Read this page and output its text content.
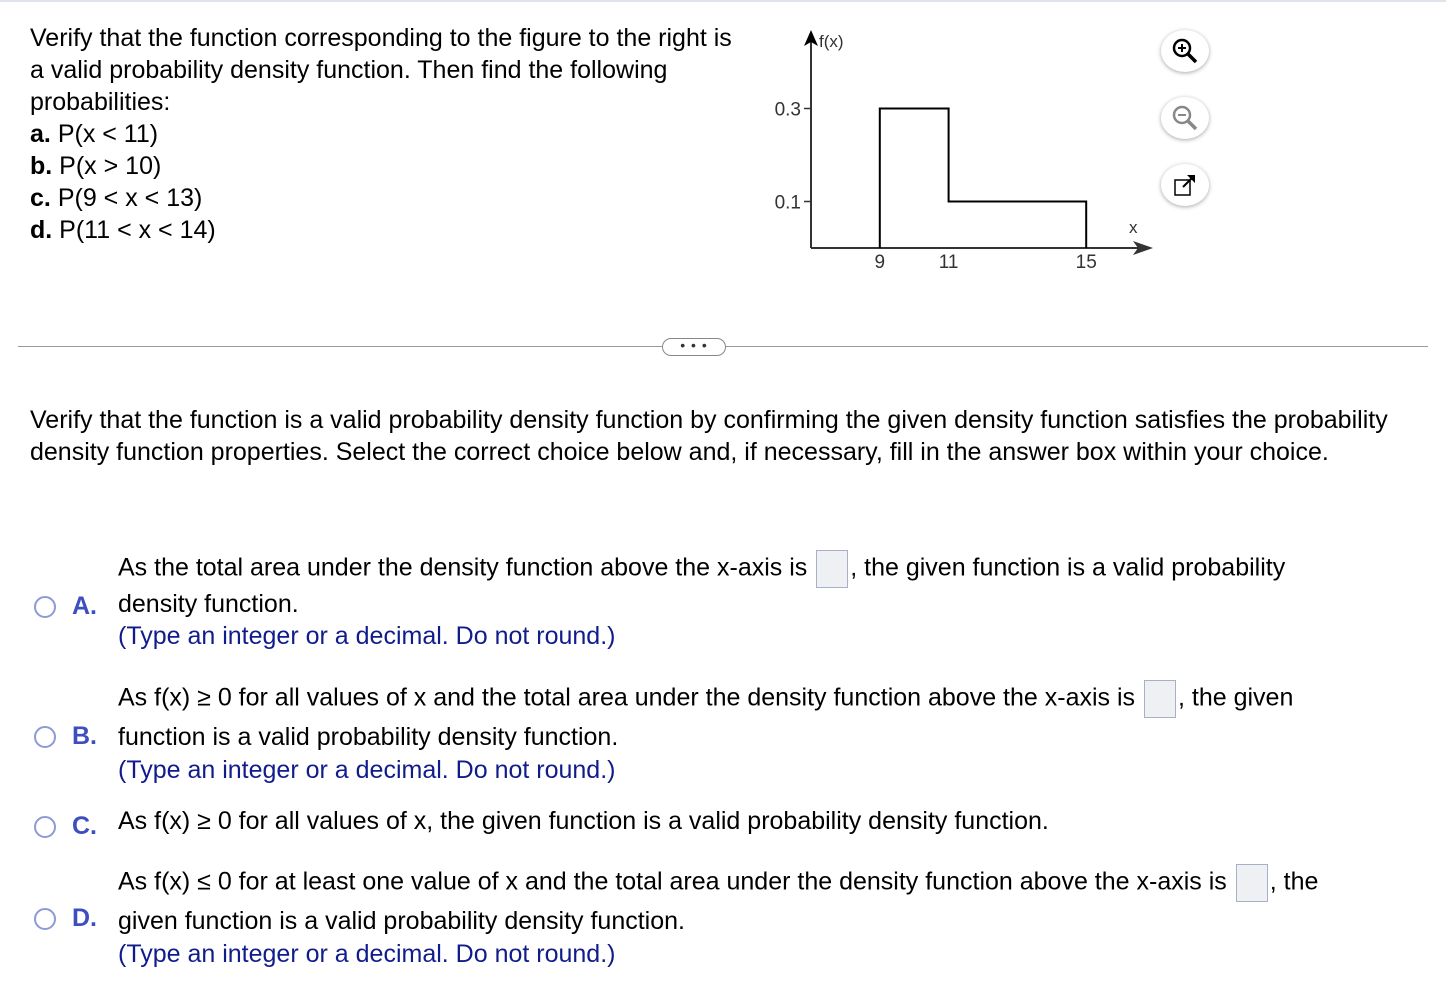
Verify that the function corresponding to the figure to the right is a valid probability density function. Then find the following probabilities:
a. P(x < 11)
b. P(x > 10)
c. P(9 < x < 13)
d. P(11 < x < 14)
f(x)
x
0.3
0.1
9	11	15
• • •
Verify that the function is a valid probability density function by confirming the given density function satisfies the probability density function properties. Select the correct choice below and, if necessary, fill in the answer box within your choice.
A.
As the total area under the density function above the x-axis is , the given function is a valid probability
density function.
(Type an integer or a decimal. Do not round.)
B.
As f(x) ≥ 0 for all values of x and the total area under the density function above the x-axis is , the given
function is a valid probability density function.
(Type an integer or a decimal. Do not round.)
C. As f(x) ≥ 0 for all values of x, the given function is a valid probability density function.
D.
As f(x) ≤ 0 for at least one value of x and the total area under the density function above the x-axis is , the
given function is a valid probability density function.
(Type an integer or a decimal. Do not round.)
